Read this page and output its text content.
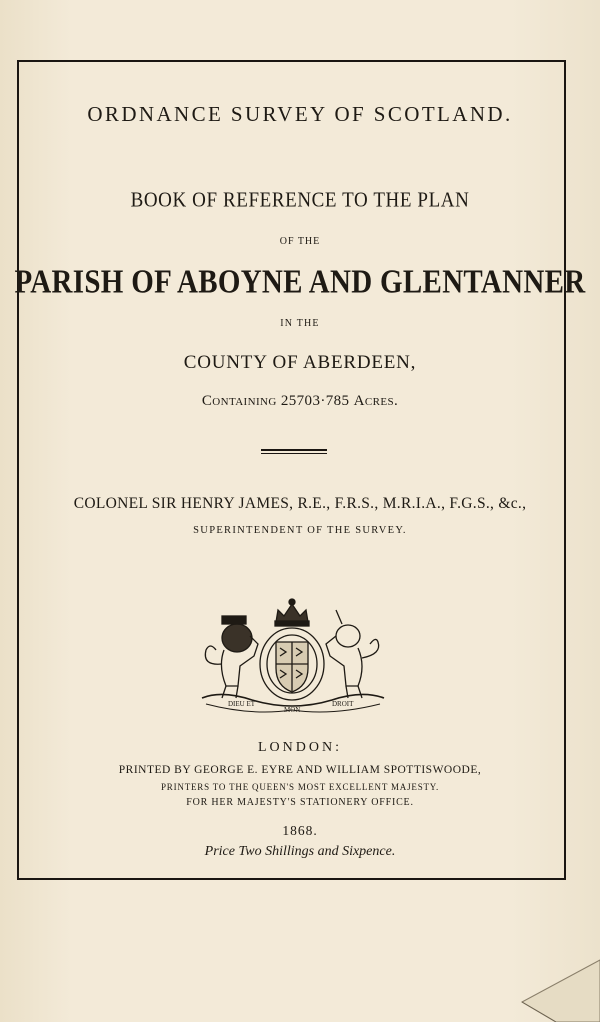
ORDNANCE SURVEY OF SCOTLAND.
BOOK OF REFERENCE TO THE PLAN
OF THE
PARISH OF ABOYNE AND GLENTANNER
IN THE
COUNTY OF ABERDEEN,
Containing 25703·785 Acres.
COLONEL SIR HENRY JAMES, R.E., F.R.S., M.R.I.A., F.G.S., &c.,
SUPERINTENDENT OF THE SURVEY.
DIEU ET
MON
DROIT
LONDON:
PRINTED BY GEORGE E. EYRE AND WILLIAM SPOTTISWOODE,
PRINTERS TO THE QUEEN'S MOST EXCELLENT MAJESTY.
FOR HER MAJESTY'S STATIONERY OFFICE.
1868.
Price Two Shillings and Sixpence.
